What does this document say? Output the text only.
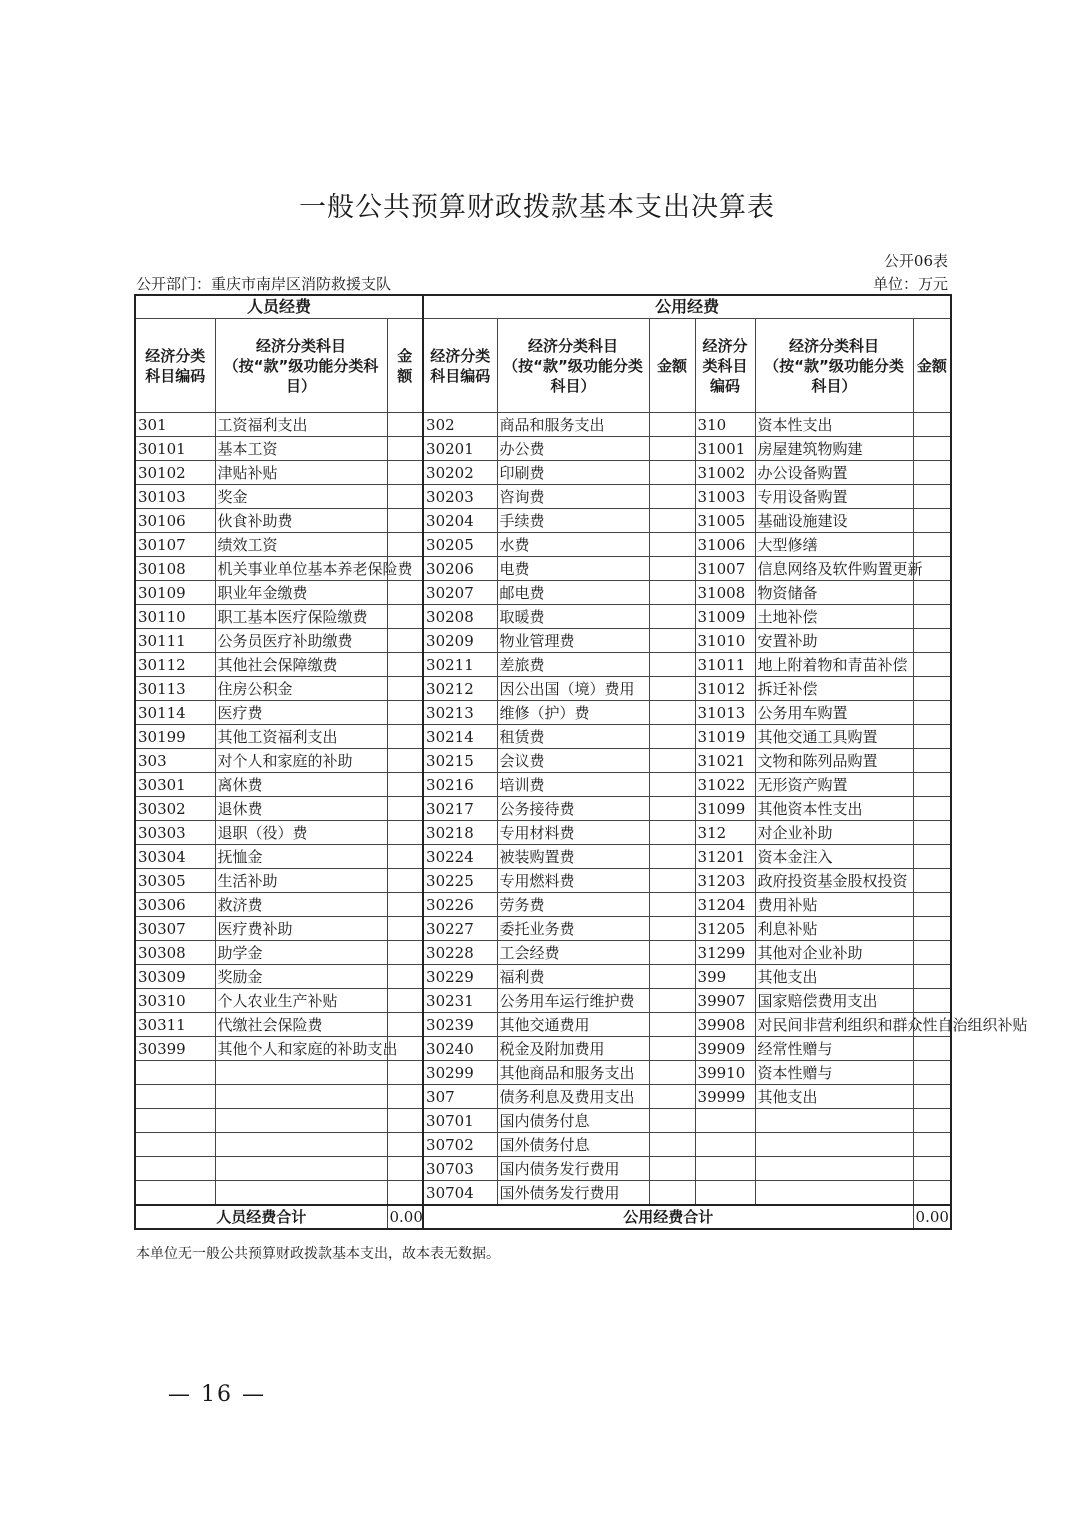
一般公共预算财政拨款基本支出决算表
公开06表
公开部门：重庆市南岸区消防救援支队	单位：万元
人员经费			公用经费					
经济分类科目编码	经济分类科目（按“款”级功能分类科目）	金额	经济分类科目编码	经济分类科目（按“款”级功能分类科目）	金额	经济分类科目编码	经济分类科目（按“款”级功能分类科目）	金额
301	工资福利支出		302	商品和服务支出		310	资本性支出	
30101	基本工资		30201	办公费		31001	房屋建筑物购建	
30102	津贴补贴		30202	印刷费		31002	办公设备购置	
30103	奖金		30203	咨询费		31003	专用设备购置	
30106	伙食补助费		30204	手续费		31005	基础设施建设	
30107	绩效工资		30205	水费		31006	大型修缮	
30108	机关事业单位基本养老保险费		30206	电费		31007	信息网络及软件购置更新	
30109	职业年金缴费		30207	邮电费		31008	物资储备	
30110	职工基本医疗保险缴费		30208	取暖费		31009	土地补偿	
30111	公务员医疗补助缴费		30209	物业管理费		31010	安置补助	
30112	其他社会保障缴费		30211	差旅费		31011	地上附着物和青苗补偿	
30113	住房公积金		30212	因公出国（境）费用		31012	拆迁补偿	
30114	医疗费		30213	维修（护）费		31013	公务用车购置	
30199	其他工资福利支出		30214	租赁费		31019	其他交通工具购置	
303	对个人和家庭的补助		30215	会议费		31021	文物和陈列品购置	
30301	离休费		30216	培训费		31022	无形资产购置	
30302	退休费		30217	公务接待费		31099	其他资本性支出	
30303	退职（役）费		30218	专用材料费		312	对企业补助	
30304	抚恤金		30224	被装购置费		31201	资本金注入	
30305	生活补助		30225	专用燃料费		31203	政府投资基金股权投资	
30306	救济费		30226	劳务费		31204	费用补贴	
30307	医疗费补助		30227	委托业务费		31205	利息补贴	
30308	助学金		30228	工会经费		31299	其他对企业补助	
30309	奖励金		30229	福利费		399	其他支出	
30310	个人农业生产补贴		30231	公务用车运行维护费		39907	国家赔偿费用支出	
30311	代缴社会保险费		30239	其他交通费用		39908	对民间非营利组织和群众性自治组织补贴	
30399	其他个人和家庭的补助支出		30240	税金及附加费用		39909	经常性赠与	
			30299	其他商品和服务支出		39910	资本性赠与	
			307	债务利息及费用支出		39999	其他支出	
			30701	国内债务付息				
			30702	国外债务付息				
			30703	国内债务发行费用				
			30704	国外债务发行费用				
人员经费合计		0.00	公用经费合计					0.00
本单位无一般公共预算财政拨款基本支出，故本表无数据。
— 16 —
